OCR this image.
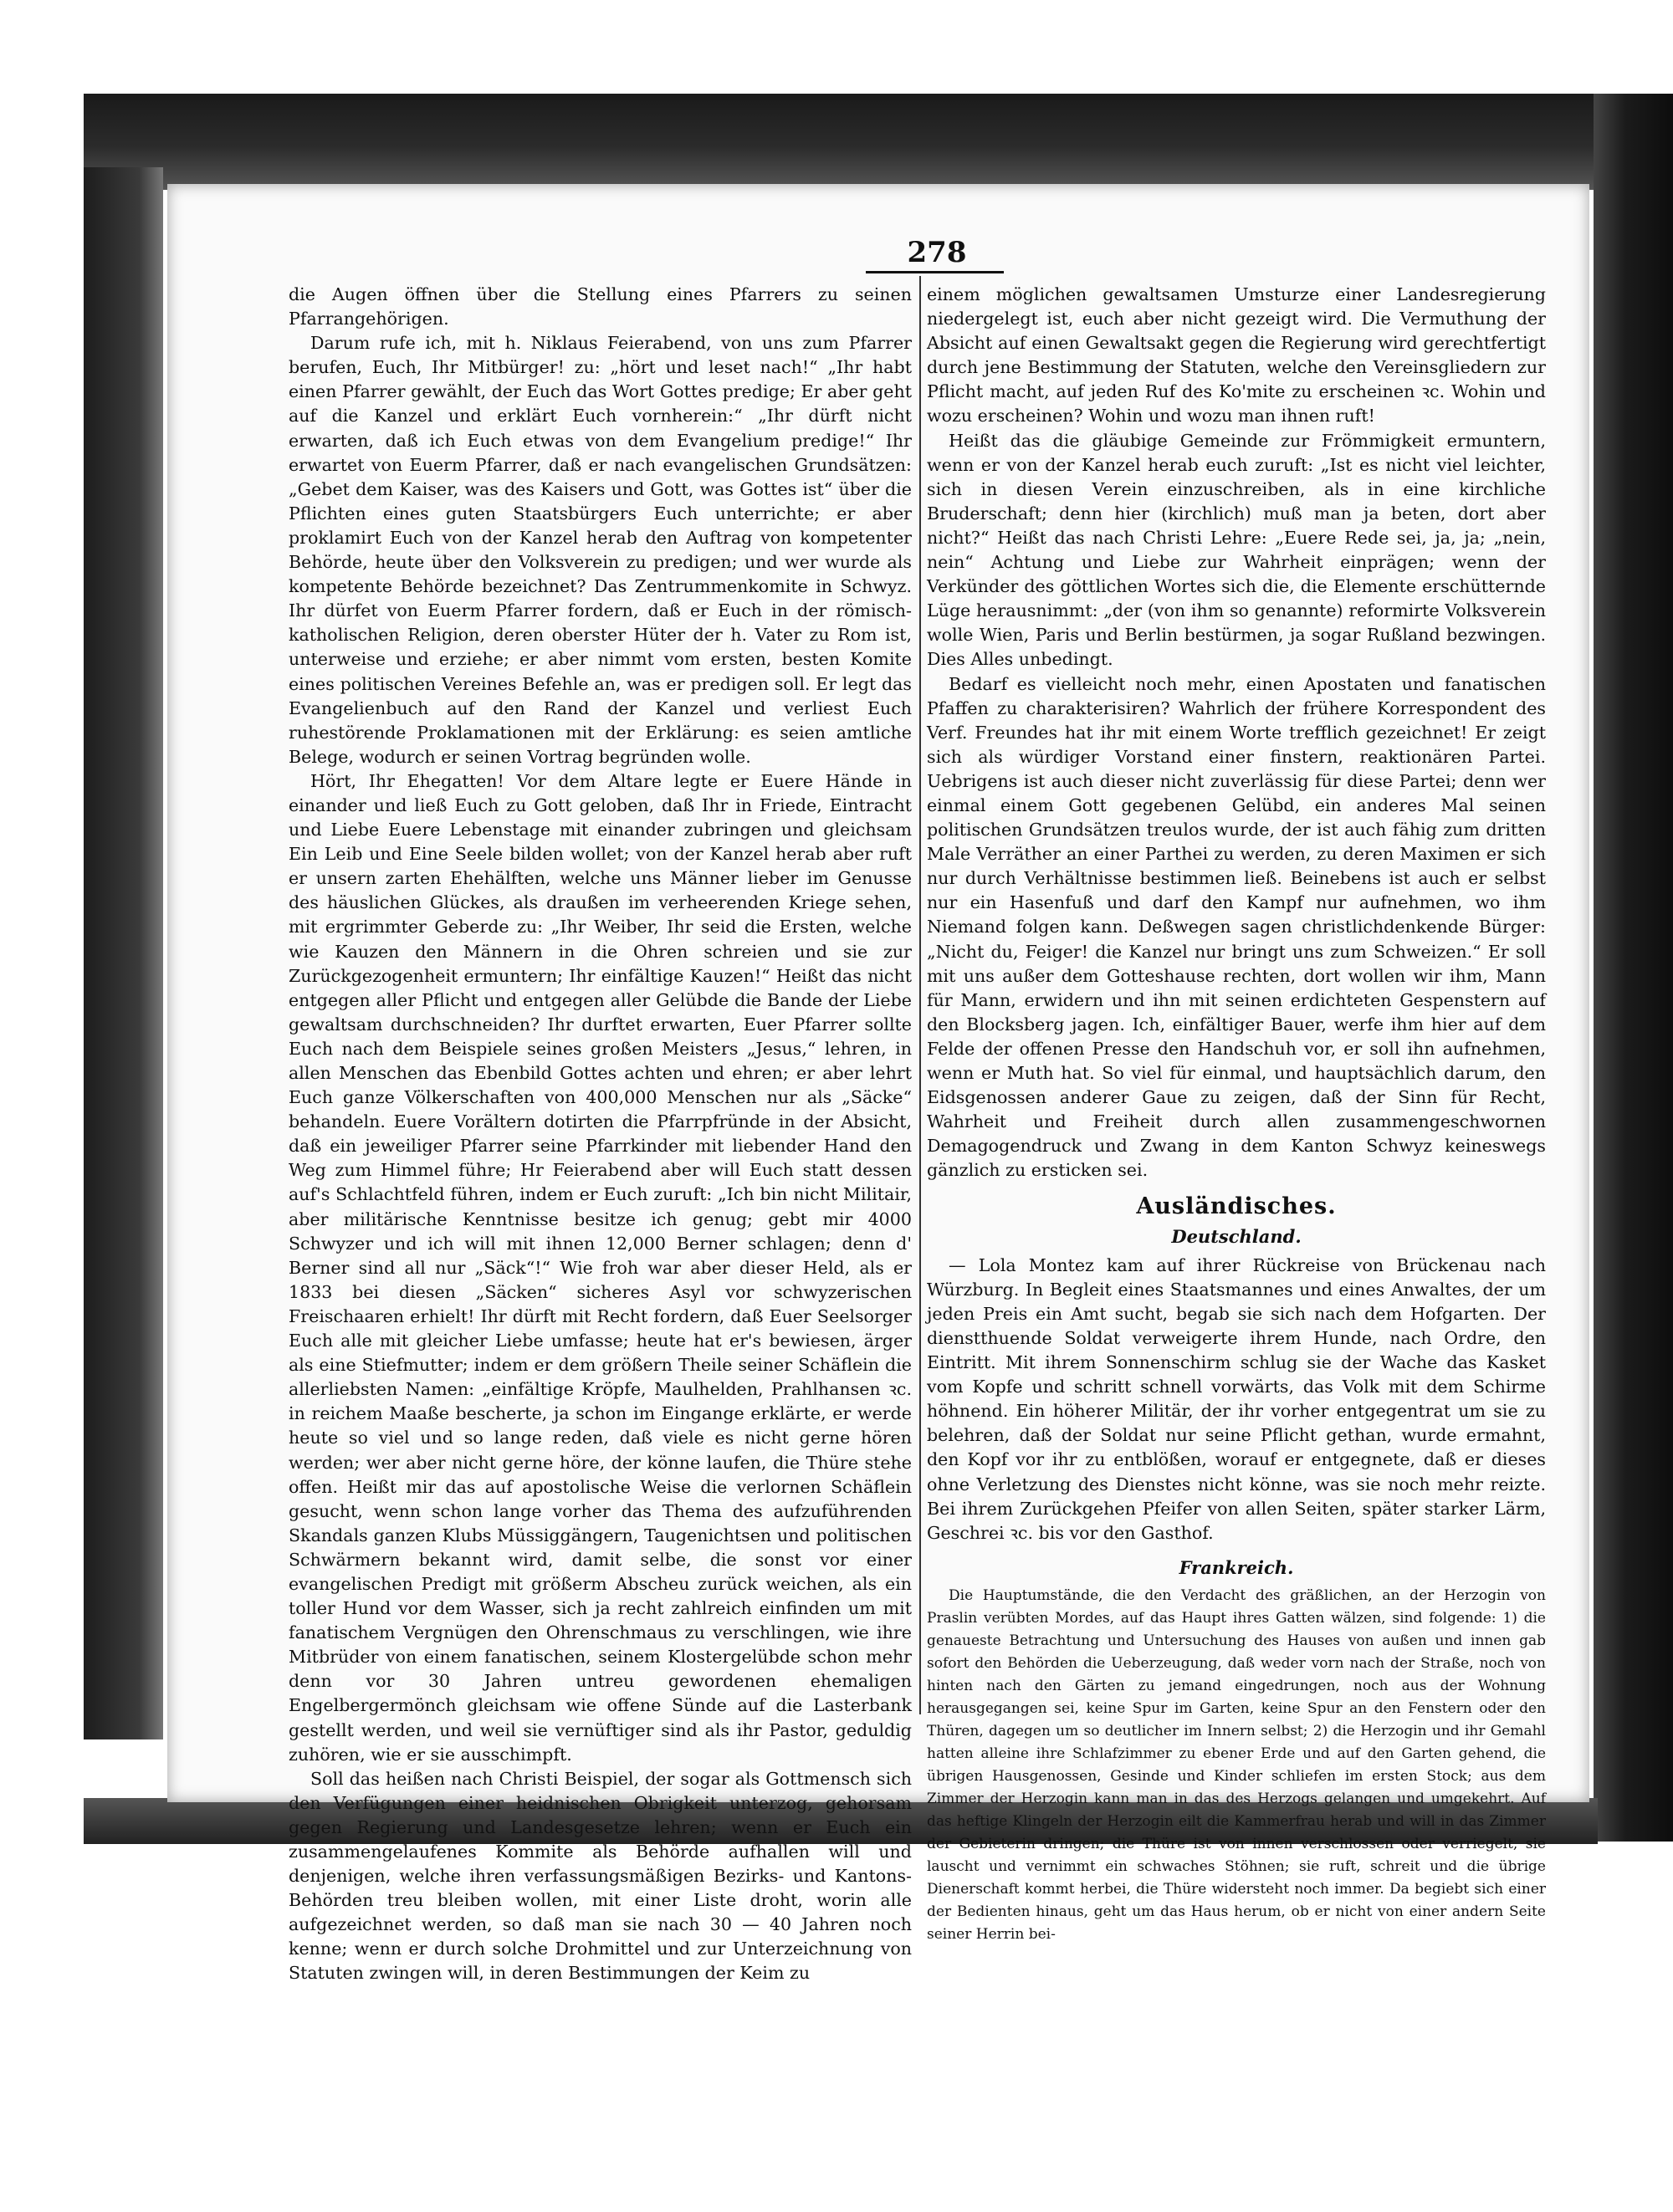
278

die Augen öffnen über die Stellung eines Pfarrers zu seinen Pfarrangehörigen.

Darum rufe ich, mit h. Niklaus Feierabend, von uns zum Pfarrer berufen, Euch, Ihr Mitbürger! zu: „hört und leset nach!“ „Ihr habt einen Pfarrer gewählt, der Euch das Wort Gottes predige; Er aber geht auf die Kanzel und erklärt Euch vornherein:“ „Ihr dürft nicht erwarten, daß ich Euch etwas von dem Evangelium predige!“ Ihr erwartet von Euerm Pfarrer, daß er nach evangelischen Grundsätzen: „Gebet dem Kaiser, was des Kaisers und Gott, was Gottes ist“ über die Pflichten eines guten Staatsbürgers Euch unterrichte; er aber proklamirt Euch von der Kanzel herab den Auftrag von kompetenter Behörde, heute über den Volksverein zu predigen; und wer wurde als kompetente Behörde bezeichnet? Das Zentrummenkomite in Schwyz. Ihr dürfet von Euerm Pfarrer fordern, daß er Euch in der römisch-katholischen Religion, deren oberster Hüter der h. Vater zu Rom ist, unterweise und erziehe; er aber nimmt vom ersten, besten Komite eines politischen Vereines Befehle an, was er predigen soll. Er legt das Evangelienbuch auf den Rand der Kanzel und verliest Euch ruhestörende Proklamationen mit der Erklärung: es seien amtliche Belege, wodurch er seinen Vortrag begründen wolle.

Hört, Ihr Ehegatten! Vor dem Altare legte er Euere Hände in einander und ließ Euch zu Gott geloben, daß Ihr in Friede, Eintracht und Liebe Euere Lebenstage mit einander zubringen und gleichsam Ein Leib und Eine Seele bilden wollet; von der Kanzel herab aber ruft er unsern zarten Ehehälften, welche uns Männer lieber im Genusse des häuslichen Glückes, als draußen im verheerenden Kriege sehen, mit ergrimmter Geberde zu: „Ihr Weiber, Ihr seid die Ersten, welche wie Kauzen den Männern in die Ohren schreien und sie zur Zurückgezogenheit ermuntern; Ihr einfältige Kauzen!“ Heißt das nicht entgegen aller Pflicht und entgegen aller Gelübde die Bande der Liebe gewaltsam durchschneiden? Ihr durftet erwarten, Euer Pfarrer sollte Euch nach dem Beispiele seines großen Meisters „Jesus,“ lehren, in allen Menschen das Ebenbild Gottes achten und ehren; er aber lehrt Euch ganze Völkerschaften von 400,000 Menschen nur als „Säcke“ behandeln. Euere Vorältern dotirten die Pfarrpfründe in der Absicht, daß ein jeweiliger Pfarrer seine Pfarrkinder mit liebender Hand den Weg zum Himmel führe; Hr Feierabend aber will Euch statt dessen auf's Schlachtfeld führen, indem er Euch zuruft: „Ich bin nicht Militair, aber militärische Kenntnisse besitze ich genug; gebt mir 4000 Schwyzer und ich will mit ihnen 12,000 Berner schlagen; denn d' Berner sind all nur „Säck“!“ Wie froh war aber dieser Held, als er 1833 bei diesen „Säcken“ sicheres Asyl vor schwyzerischen Freischaaren erhielt! Ihr dürft mit Recht fordern, daß Euer Seelsorger Euch alle mit gleicher Liebe umfasse; heute hat er's bewiesen, ärger als eine Stiefmutter; indem er dem größern Theile seiner Schäflein die allerliebsten Namen: „einfältige Kröpfe, Maulhelden, Prahlhansen ꝛc. in reichem Maaße bescherte, ja schon im Eingange erklärte, er werde heute so viel und so lange reden, daß viele es nicht gerne hören werden; wer aber nicht gerne höre, der könne laufen, die Thüre stehe offen. Heißt mir das auf apostolische Weise die verlornen Schäflein gesucht, wenn schon lange vorher das Thema des aufzuführenden Skandals ganzen Klubs Müssiggängern, Taugenichtsen und politischen Schwärmern bekannt wird, damit selbe, die sonst vor einer evangelischen Predigt mit größerm Abscheu zurück weichen, als ein toller Hund vor dem Wasser, sich ja recht zahlreich einfinden um mit fanatischem Vergnügen den Ohrenschmaus zu verschlingen, wie ihre Mitbrüder von einem fanatischen, seinem Klostergelübde schon mehr denn vor 30 Jahren untreu gewordenen ehemaligen Engelbergermönch gleichsam wie offene Sünde auf die Lasterbank gestellt werden, und weil sie vernüftiger sind als ihr Pastor, geduldig zuhören, wie er sie ausschimpft.

Soll das heißen nach Christi Beispiel, der sogar als Gottmensch sich den Verfügungen einer heidnischen Obrigkeit unterzog, gehorsam gegen Regierung und Landesgesetze lehren; wenn er Euch ein zusammengelaufenes Kommite als Behörde aufhallen will und denjenigen, welche ihren verfassungsmäßigen Bezirks- und Kantons-Behörden treu bleiben wollen, mit einer Liste droht, worin alle aufgezeichnet werden, so daß man sie nach 30 — 40 Jahren noch kenne; wenn er durch solche Drohmittel und zur Unterzeichnung von Statuten zwingen will, in deren Bestimmungen der Keim zu

einem möglichen gewaltsamen Umsturze einer Landesregierung niedergelegt ist, euch aber nicht gezeigt wird. Die Vermuthung der Absicht auf einen Gewaltsakt gegen die Regierung wird gerechtfertigt durch jene Bestimmung der Statuten, welche den Vereinsgliedern zur Pflicht macht, auf jeden Ruf des Ko'mite zu erscheinen ꝛc. Wohin und wozu erscheinen? Wohin und wozu man ihnen ruft!

Heißt das die gläubige Gemeinde zur Frömmigkeit ermuntern, wenn er von der Kanzel herab euch zuruft: „Ist es nicht viel leichter, sich in diesen Verein einzuschreiben, als in eine kirchliche Bruderschaft; denn hier (kirchlich) muß man ja beten, dort aber nicht?“ Heißt das nach Christi Lehre: „Euere Rede sei, ja, ja; „nein, nein“ Achtung und Liebe zur Wahrheit einprägen; wenn der Verkünder des göttlichen Wortes sich die, die Elemente erschütternde Lüge herausnimmt: „der (von ihm so genannte) reformirte Volksverein wolle Wien, Paris und Berlin bestürmen, ja sogar Rußland bezwingen. Dies Alles unbedingt.

Bedarf es vielleicht noch mehr, einen Apostaten und fanatischen Pfaffen zu charakterisiren? Wahrlich der frühere Korrespondent des Verf. Freundes hat ihr mit einem Worte trefflich gezeichnet! Er zeigt sich als würdiger Vorstand einer finstern, reaktionären Partei. Uebrigens ist auch dieser nicht zuverlässig für diese Partei; denn wer einmal einem Gott gegebenen Gelübd, ein anderes Mal seinen politischen Grundsätzen treulos wurde, der ist auch fähig zum dritten Male Verräther an einer Parthei zu werden, zu deren Maximen er sich nur durch Verhältnisse bestimmen ließ. Beinebens ist auch er selbst nur ein Hasenfuß und darf den Kampf nur aufnehmen, wo ihm Niemand folgen kann. Deßwegen sagen christlichdenkende Bürger: „Nicht du, Feiger! die Kanzel nur bringt uns zum Schweizen.“ Er soll mit uns außer dem Gotteshause rechten, dort wollen wir ihm, Mann für Mann, erwidern und ihn mit seinen erdichteten Gespenstern auf den Blocksberg jagen. Ich, einfältiger Bauer, werfe ihm hier auf dem Felde der offenen Presse den Handschuh vor, er soll ihn aufnehmen, wenn er Muth hat. So viel für einmal, und hauptsächlich darum, den Eidsgenossen anderer Gaue zu zeigen, daß der Sinn für Recht, Wahrheit und Freiheit durch allen zusammengeschwornen Demagogendruck und Zwang in dem Kanton Schwyz keineswegs gänzlich zu ersticken sei.

Ausländisches.
Deutschland.

— Lola Montez kam auf ihrer Rückreise von Brückenau nach Würzburg. In Begleit eines Staatsmannes und eines Anwaltes, der um jeden Preis ein Amt sucht, begab sie sich nach dem Hofgarten. Der dienstthuende Soldat verweigerte ihrem Hunde, nach Ordre, den Eintritt. Mit ihrem Sonnenschirm schlug sie der Wache das Kasket vom Kopfe und schritt schnell vorwärts, das Volk mit dem Schirme höhnend. Ein höherer Militär, der ihr vorher entgegentrat um sie zu belehren, daß der Soldat nur seine Pflicht gethan, wurde ermahnt, den Kopf vor ihr zu entblößen, worauf er entgegnete, daß er dieses ohne Verletzung des Dienstes nicht könne, was sie noch mehr reizte. Bei ihrem Zurückgehen Pfeifer von allen Seiten, später starker Lärm, Geschrei ꝛc. bis vor den Gasthof.

Frankreich.

Die Hauptumstände, die den Verdacht des gräßlichen, an der Herzogin von Praslin verübten Mordes, auf das Haupt ihres Gatten wälzen, sind folgende: 1) die genaueste Betrachtung und Untersuchung des Hauses von außen und innen gab sofort den Behörden die Ueberzeugung, daß weder vorn nach der Straße, noch von hinten nach den Gärten zu jemand eingedrungen, noch aus der Wohnung herausgegangen sei, keine Spur im Garten, keine Spur an den Fenstern oder den Thüren, dagegen um so deutlicher im Innern selbst; 2) die Herzogin und ihr Gemahl hatten alleine ihre Schlafzimmer zu ebener Erde und auf den Garten gehend, die übrigen Hausgenossen, Gesinde und Kinder schliefen im ersten Stock; aus dem Zimmer der Herzogin kann man in das des Herzogs gelangen und umgekehrt. Auf das heftige Klingeln der Herzogin eilt die Kammerfrau herab und will in das Zimmer der Gebieterin dringen; die Thüre ist von innen verschlossen oder verriegelt, sie lauscht und vernimmt ein schwaches Stöhnen; sie ruft, schreit und die übrige Dienerschaft kommt herbei, die Thüre widersteht noch immer. Da begiebt sich einer der Bedienten hinaus, geht um das Haus herum, ob er nicht von einer andern Seite seiner Herrin bei-
